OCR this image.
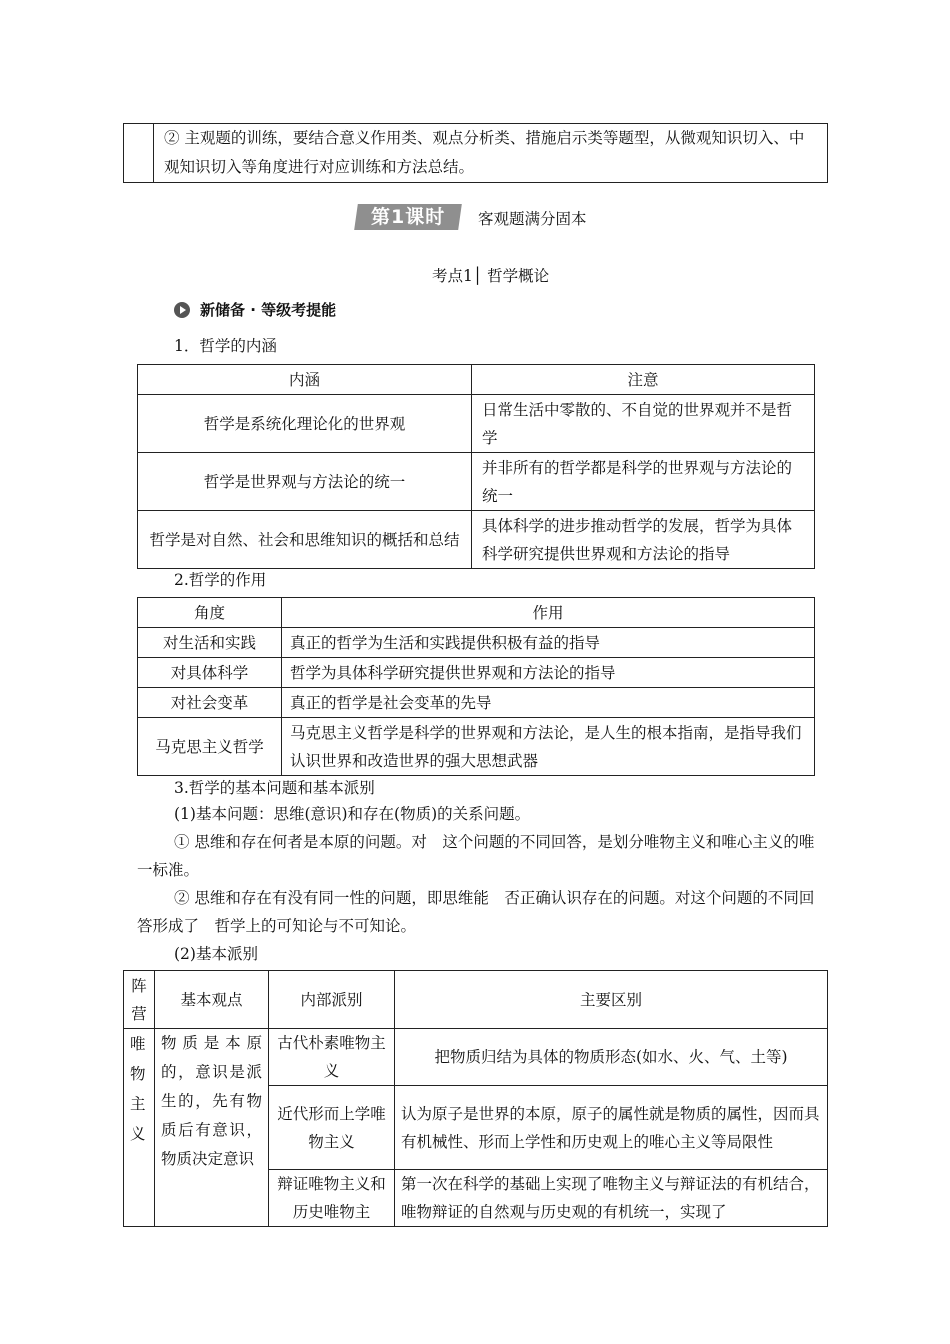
	② 主观题的训练，要结合意义作用类、观点分析类、措施启示类等题型，从微观知识切入、中观知识切入等角度进行对应训练和方法总结。
第1课时	客观题满分固本
考点1│ 哲学概论
新储备 · 等级考提能
1．哲学的内涵
内涵	注意
哲学是系统化理论化的世界观	日常生活中零散的、不自觉的世界观并不是哲学
哲学是世界观与方法论的统一	并非所有的哲学都是科学的世界观与方法论的统一
哲学是对自然、社会和思维知识的概括和总结	具体科学的进步推动哲学的发展，哲学为具体科学研究提供世界观和方法论的指导
2.哲学的作用
角度	作用
对生活和实践	真正的哲学为生活和实践提供积极有益的指导
对具体科学	哲学为具体科学研究提供世界观和方法论的指导
对社会变革	真正的哲学是社会变革的先导
马克思主义哲学	马克思主义哲学是科学的世界观和方法论，是人生的根本指南，是指导我们认识世界和改造世界的强大思想武器
3.哲学的基本问题和基本派别
(1)基本问题：思维(意识)和存在(物质)的关系问题。
① 思维和存在何者是本原的问题。对　这个问题的不同回答，是划分唯物主义和唯心主义的唯　一标准。
② 思维和存在有没有同一性的问题，即思维能　否正确认识存在的问题。对这个问题的不同回答形成了　哲学上的可知论与不可知论。
(2)基本派别
阵营	基本观点	内部派别	主要区别
唯物主义	物质是本原的，意识是派生的，先有物质后有意识，物质决定意识	古代朴素唯物主义	把物质归结为具体的物质形态(如水、火、气、土等)
		近代形而上学唯物主义	认为原子是世界的本原，原子的属性就是物质的属性，因而具有机械性、形而上学性和历史观上的唯心主义等局限性
		辩证唯物主义和历史唯物主	第一次在科学的基础上实现了唯物主义与辩证法的有机结合，唯物辩证的自然观与历史观的有机统一，实现了
